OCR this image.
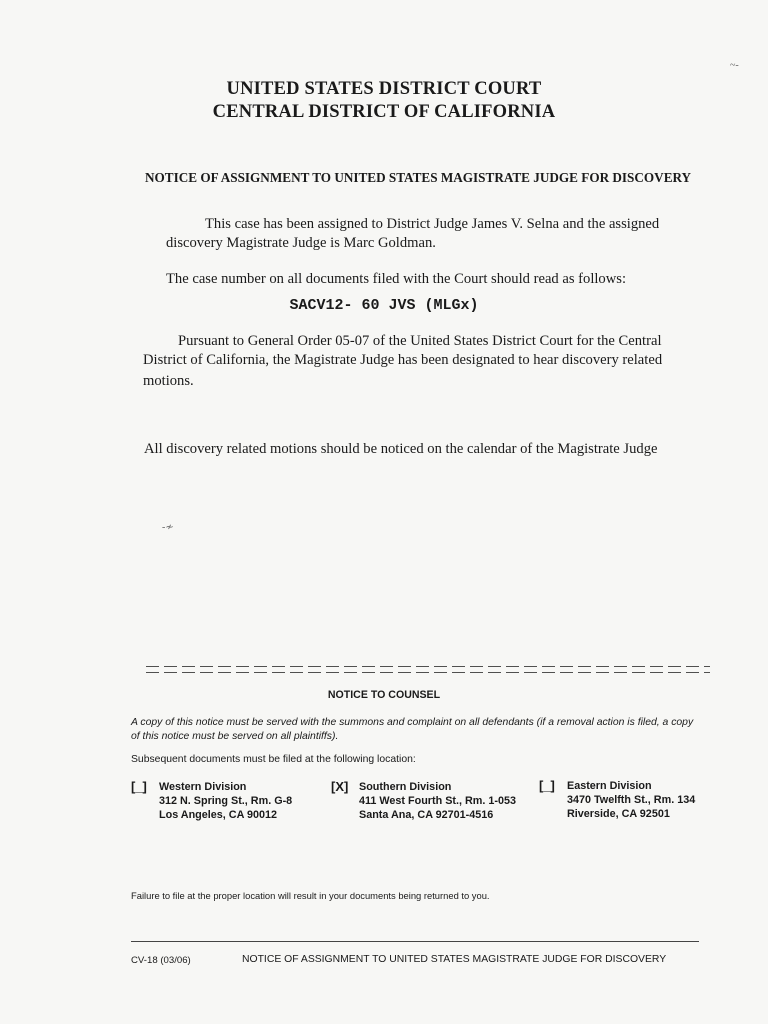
UNITED STATES DISTRICT COURT
CENTRAL DISTRICT OF CALIFORNIA
NOTICE OF ASSIGNMENT TO UNITED STATES MAGISTRATE JUDGE FOR DISCOVERY
This case has been assigned to District Judge James V. Selna and the assigned
discovery Magistrate Judge is Marc Goldman.
The case number on all documents filed with the Court should read as follows:
SACV12- 60 JVS (MLGx)
Pursuant to General Order 05-07 of the United States District Court for the Central
District of California, the Magistrate Judge has been designated to hear discovery related
motions.
All discovery related motions should be noticed on the calendar of the Magistrate Judge
-≁
~-
NOTICE TO COUNSEL
A copy of this notice must be served with the summons and complaint on all defendants (if a removal action is filed, a copy of this notice must be served on all plaintiffs).
Subsequent documents must be filed at the following location:
[_] Western Division
312 N. Spring St., Rm. G-8
Los Angeles, CA 90012
[X] Southern Division
411 West Fourth St., Rm. 1-053
Santa Ana, CA 92701-4516
[_] Eastern Division
3470 Twelfth St., Rm. 134
Riverside, CA 92501
Failure to file at the proper location will result in your documents being returned to you.
CV-18 (03/06)	NOTICE OF ASSIGNMENT TO UNITED STATES MAGISTRATE JUDGE FOR DISCOVERY
